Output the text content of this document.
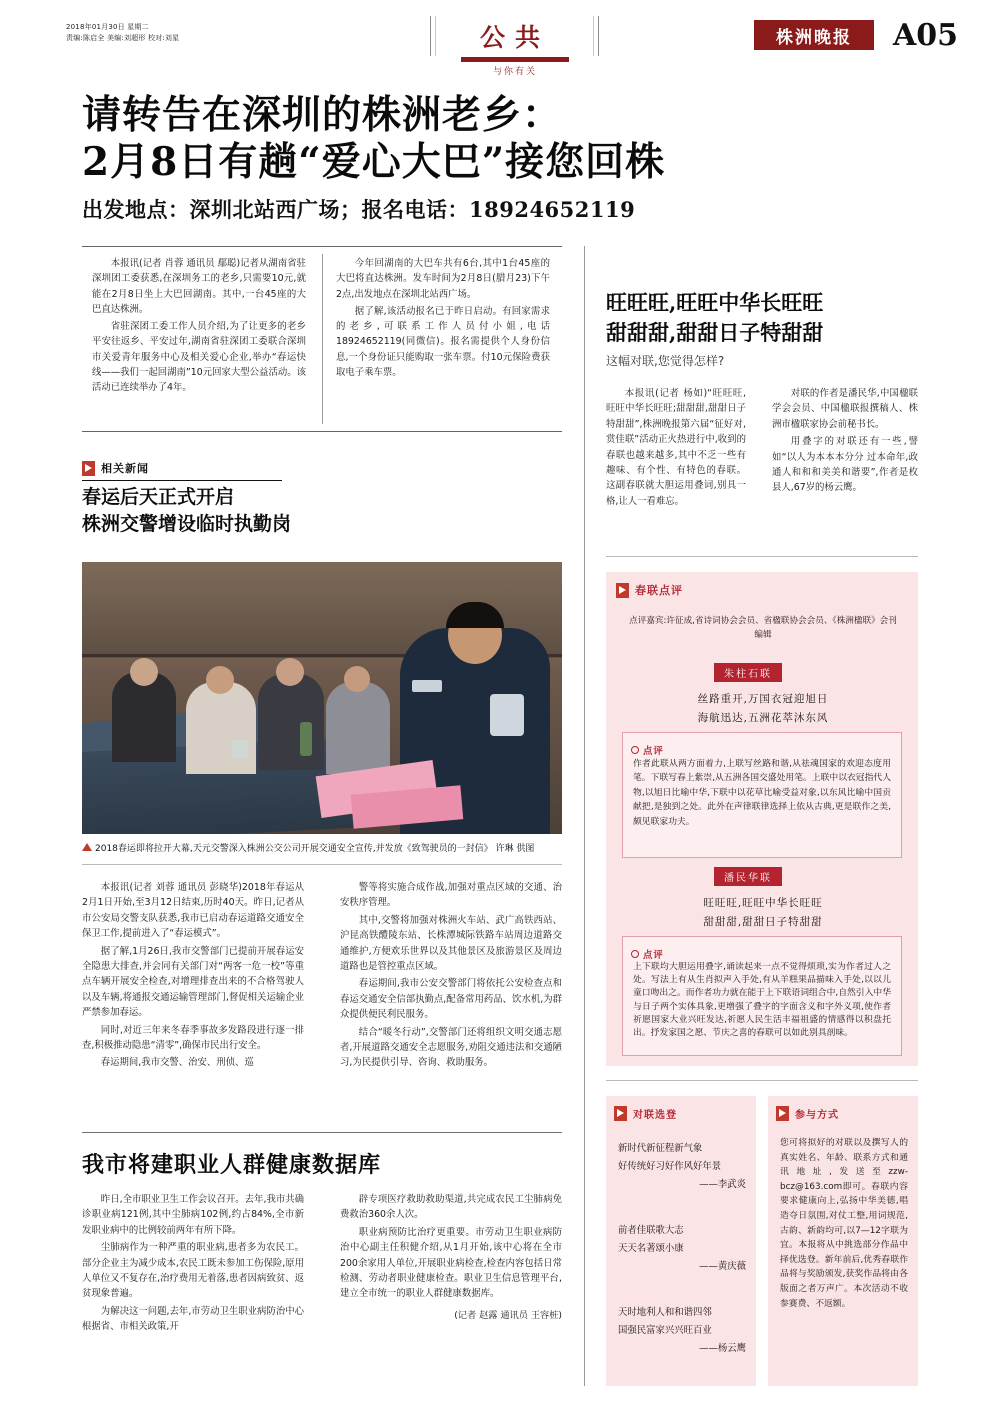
2018年01月30日 星期二
责编:陈启全 美编:刘超形 校对:刘星	公共
与你有关
株洲晚报	A05
请转告在深圳的株洲老乡：
2月8日有趟“爱心大巴”接您回株
出发地点：深圳北站西广场；报名电话：18924652119

本报讯(记者 肖蓉 通讯员 鄢聪)记者从湖南省驻深圳团工委获悉,在深圳务工的老乡,只需要10元,就能在2月8日坐上大巴回湖南。其中,一台45座的大巴直达株洲。

省驻深团工委工作人员介绍,为了让更多的老乡平安往返乡、平安过年,湖南省驻深团工委联合深圳市关爱青年服务中心及相关爱心企业,举办“春运快线——我们一起回湖南”10元回家大型公益活动。该活动已连续举办了4年。

今年回湖南的大巴车共有6台,其中1台45座的大巴将直达株洲。发车时间为2月8日(腊月23)下午2点,出发地点在深圳北站西广场。

据了解,该活动报名已于昨日启动。有回家需求的老乡,可联系工作人员付小姐,电话18924652119(同微信)。报名需提供个人身份信息,一个身份证只能购取一张车票。付10元保险费获取电子乘车票。

相关新闻
春运后天正式开启
株洲交警增设临时执勤岗
2018春运即将拉开大幕,天元交警深入株洲公交公司开展交通安全宣传,并发放《致驾驶员的一封信》 许琳 供图

本报讯(记者 刘蓉 通讯员 彭晓华)2018年春运从2月1日开始,至3月12日结束,历时40天。昨日,记者从市公安局交警支队获悉,我市已启动春运道路交通安全保卫工作,提前进入了“春运模式”。

据了解,1月26日,我市交警部门已提前开展春运安全隐患大排查,并会同有关部门对“两客一危一校”等重点车辆开展安全检查,对增理排查出来的不合格驾驶人以及车辆,将通报交通运输管理部门,督促相关运输企业严禁参加春运。

同时,对近三年来冬春季事故多发路段进行逐一排查,积极推动隐患“清零”,确保市民出行安全。

春运期间,我市交警、治安、刑侦、巡

警等将实施合成作战,加强对重点区域的交通、治安秩序管理。

其中,交警将加强对株洲火车站、武广高铁西站、沪昆高铁醴陵东站、长株潭城际铁路车站周边道路交通维护,方便欢乐世界以及其他景区及旅游景区及周边道路也是管控重点区域。

春运期间,我市公安交警部门将依托公安检查点和春运交通安全信部执勤点,配备常用药品、饮水机,为群众提供便民利民服务。

结合“暖冬行动”,交警部门还将组织文明交通志愿者,开展道路交通安全志愿服务,劝阻交通违法和交通陋习,为民提供引导、咨询、救助服务。

我市将建职业人群健康数据库

昨日,全市职业卫生工作会议召开。去年,我市共确诊职业病121例,其中尘肺病102例,约占84%,全市新发职业病中的比例较前两年有所下降。

尘肺病作为一种严重的职业病,患者多为农民工。部分企业主为减少成本,农民工既未参加工伤保险,原用人单位又不复存在,治疗费用无着落,患者因病致贫、返贫现象普遍。

为解决这一问题,去年,市劳动卫生职业病防治中心根据省、市相关政策,开

辟专项医疗救助救助渠道,共完成农民工尘肺病免费救治360余人次。

职业病预防比治疗更重要。市劳动卫生职业病防治中心副主任积健介绍,从1月开始,该中心将在全市200余家用人单位,开展职业病检查,检查内容包括日常检测、劳动者职业健康检查。职业卫生信息管理平台,建立全市统一的职业人群健康数据库。

(记者 赵露 通讯员 王容桩)

旺旺旺,旺旺中华长旺旺
甜甜甜,甜甜日子特甜甜
这幅对联,您觉得怎样?

本报讯(记者 杨如)“旺旺旺,旺旺中华长旺旺;甜甜甜,甜甜日子特甜甜”,株洲晚报第六届“征好对,赏佳联”活动正火热进行中,收到的春联也越来越多,其中不乏一些有趣味、有个性、有特色的春联。这副春联就大胆运用叠词,别具一格,让人一看难忘。

对联的作者是潘民华,中国楹联学会会员、中国楹联报撰稿人、株洲市楹联家协会前秘书长。

用叠字的对联还有一些,譬如“以人为本本本分分 过本命年,政通人和和和美美和谐要”,作者是枚县人,67岁的杨云鹰。

春联点评
点评嘉宾:许征成,省诗词协会会员、省楹联协会会员、《株洲楹联》会刊编辑
朱柱石联
丝路重开,万国衣冠迎旭日
海航迅达,五洲花萃沐东风
点评
作者此联从两方面着力,上联写丝路和谐,从祛魂国家的欢迎态度用笔。下联写春上紫崇,从五洲各国交盛处用笔。上联中以衣冠指代人物,以旭日比喻中华,下联中以花草比喻受益对象,以东风比喻中国贡献把,是独到之处。此外在声律联律选择上依从古典,更是联作之美,颇见联家功夫。
潘民华联
旺旺旺,旺旺中华长旺旺
甜甜甜,甜甜日子特甜甜
点评
上下联均大胆运用叠字,诵读起来一点不觉得烦琐,实为作者过人之处。写法上有从生肖拟声入手处,有从羊糕果品描味入手处,以以儿童口吻出之。而作者功力就在能于上下联语词组合中,自然引入中华与日子两个实体具象,更增强了叠字的字面含义和字外义项,使作者祈愿国家大业兴旺发达,祈愿人民生活丰福祖盛的情感得以积盘托出。抒发家国之愿、节庆之喜的春联可以如此别具剖味。
对联选登
新时代新征程新气象
好传统好习好作风好年景
——李武炎
前者佳联歌大志
天天名著颂小康
——黄庆薇
天时地利人和和谐四邻
国强民富家兴兴旺百业
——杨云鹰
参与方式
您可将拟好的对联以及撰写人的真实姓名、年龄、联系方式和通讯地址,发送至zzw-bcz@163.com即可。春联内容要求健康向上,弘扬中华美德,唱造夺日氛围,对仗工整,用词规范,古韵、新韵均可,以7—12字联为宜。本报将从中挑选部分作品中择优选登。新年前后,优秀春联作品将与奖励颁发,获奖作品将由各版面之者万声广。本次活动不收参赛费、不返额。
